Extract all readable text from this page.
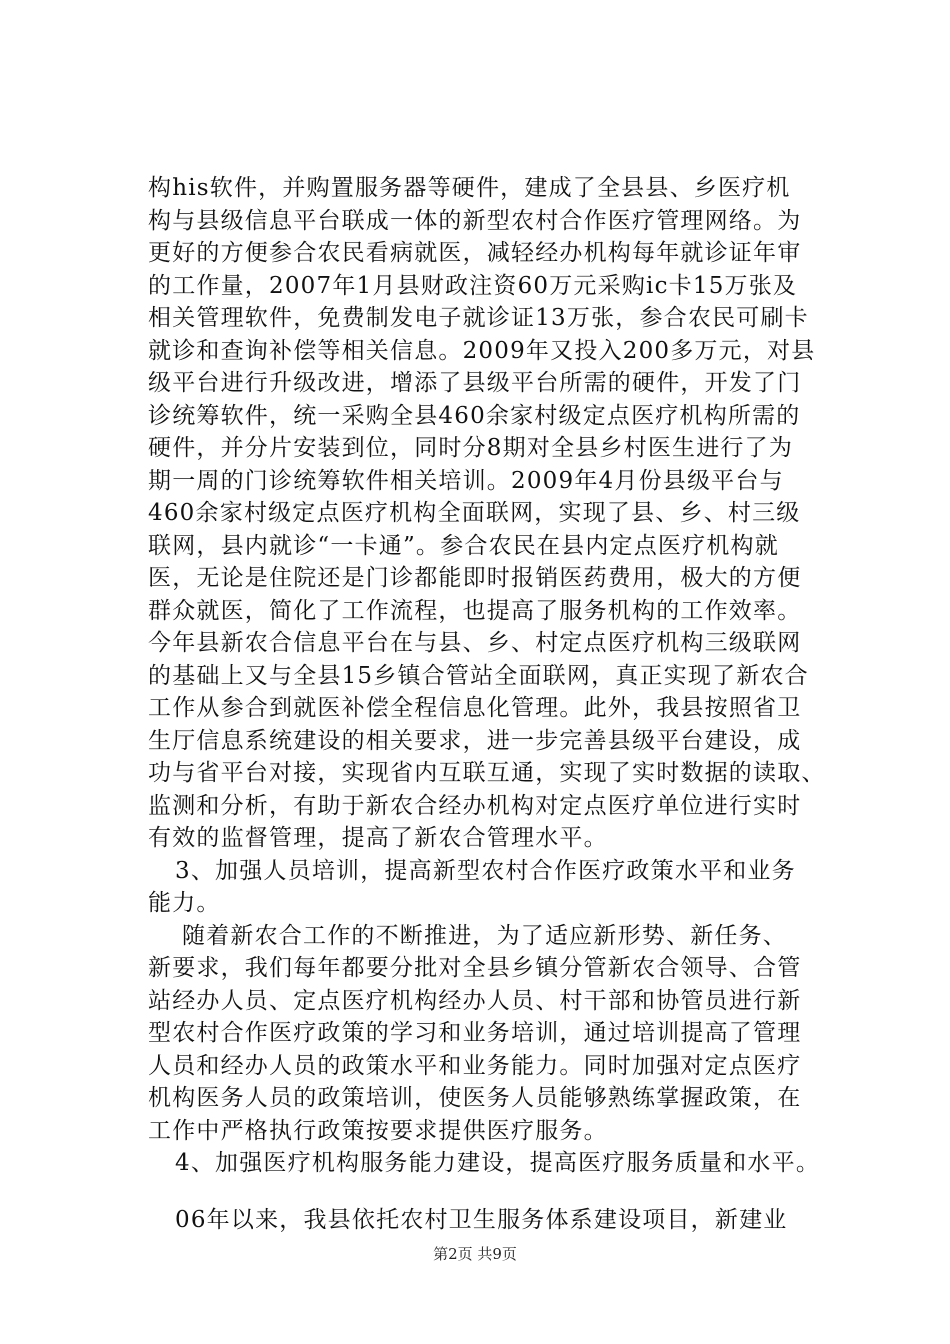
构his软件，并购置服务器等硬件，建成了全县县、乡医疗机
构与县级信息平台联成一体的新型农村合作医疗管理网络。为
更好的方便参合农民看病就医，减轻经办机构每年就诊证年审
的工作量，2007年1月县财政注资60万元采购ic卡15万张及
相关管理软件，免费制发电子就诊证13万张，参合农民可刷卡
就诊和查询补偿等相关信息。2009年又投入200多万元，对县
级平台进行升级改进，增添了县级平台所需的硬件，开发了门
诊统筹软件，统一采购全县460余家村级定点医疗机构所需的
硬件，并分片安装到位，同时分8期对全县乡村医生进行了为
期一周的门诊统筹软件相关培训。2009年4月份县级平台与
460余家村级定点医疗机构全面联网，实现了县、乡、村三级
联网，县内就诊“一卡通”。参合农民在县内定点医疗机构就
医，无论是住院还是门诊都能即时报销医药费用，极大的方便
群众就医，简化了工作流程，也提高了服务机构的工作效率。
今年县新农合信息平台在与县、乡、村定点医疗机构三级联网
的基础上又与全县15乡镇合管站全面联网，真正实现了新农合
工作从参合到就医补偿全程信息化管理。此外，我县按照省卫
生厅信息系统建设的相关要求，进一步完善县级平台建设，成
功与省平台对接，实现省内互联互通，实现了实时数据的读取、
监测和分析，有助于新农合经办机构对定点医疗单位进行实时
有效的监督管理，提高了新农合管理水平。
3、加强人员培训，提高新型农村合作医疗政策水平和业务
能力。
随着新农合工作的不断推进，为了适应新形势、新任务、
新要求，我们每年都要分批对全县乡镇分管新农合领导、合管
站经办人员、定点医疗机构经办人员、村干部和协管员进行新
型农村合作医疗政策的学习和业务培训，通过培训提高了管理
人员和经办人员的政策水平和业务能力。同时加强对定点医疗
机构医务人员的政策培训，使医务人员能够熟练掌握政策，在
工作中严格执行政策按要求提供医疗服务。
4、加强医疗机构服务能力建设，提高医疗服务质量和水平。
06年以来，我县依托农村卫生服务体系建设项目，新建业
第2页 共9页
